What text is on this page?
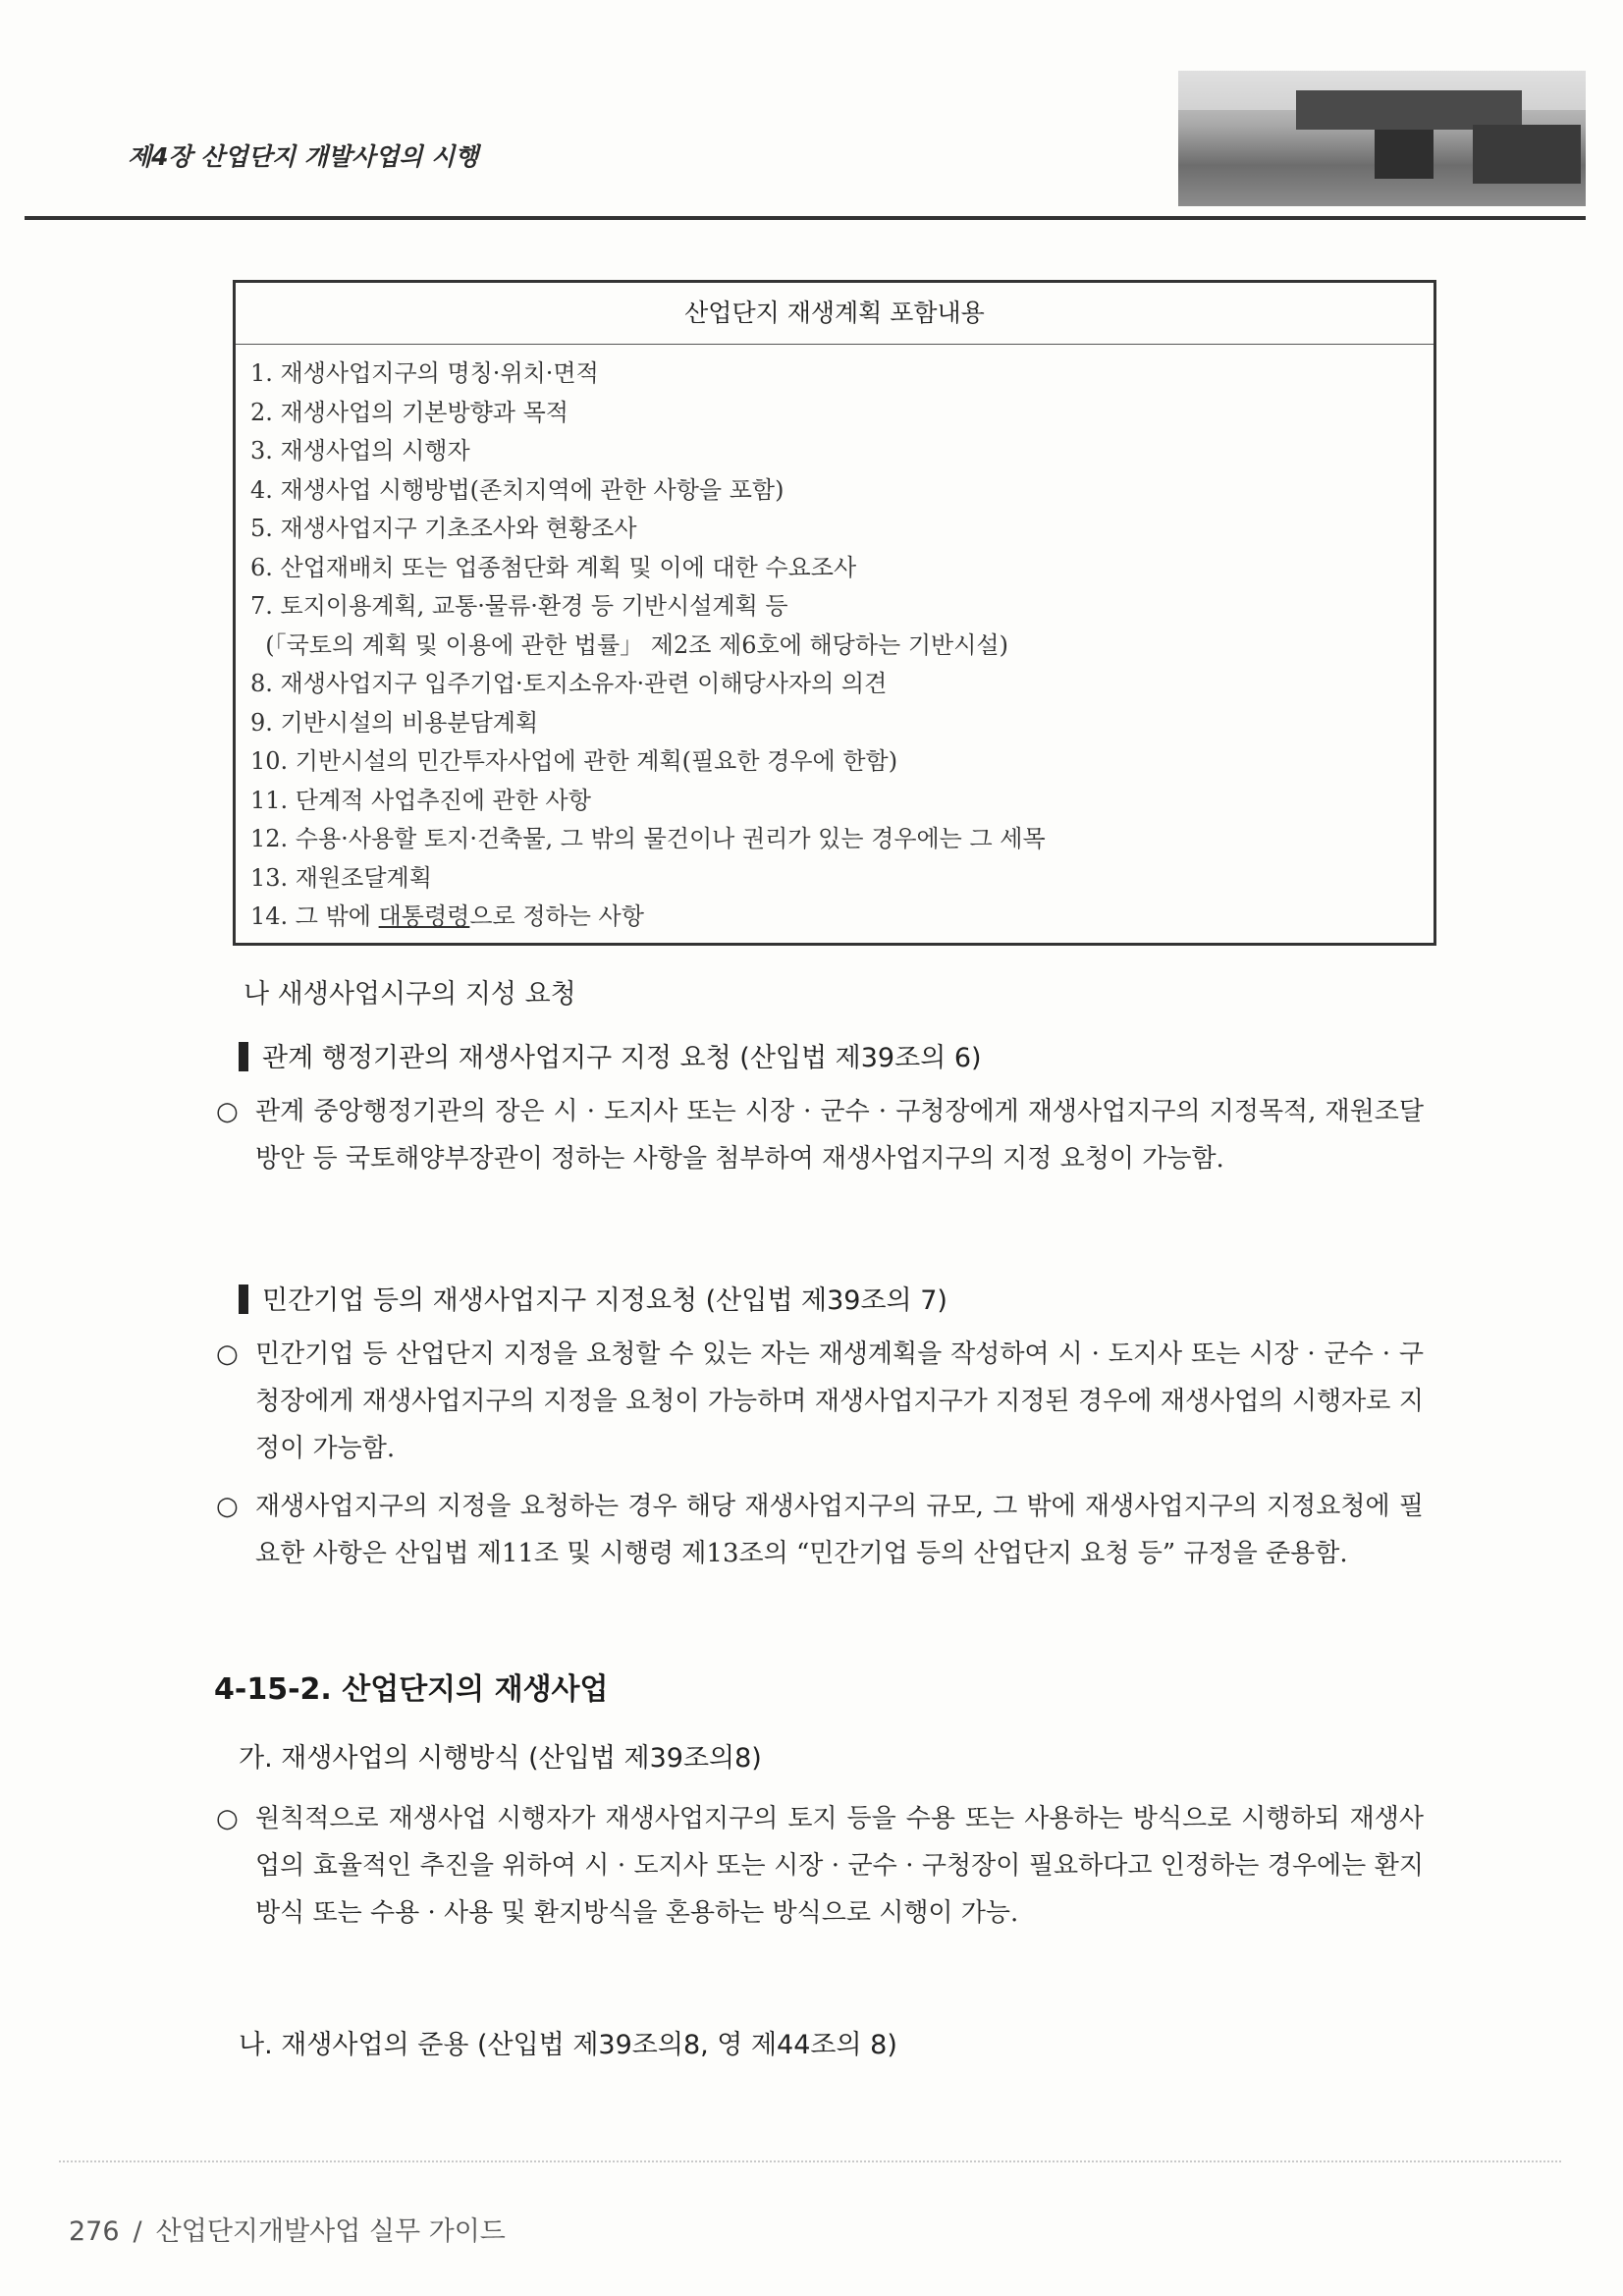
제4장 산업단지 개발사업의 시행
산업단지 재생계획 포함내용
1. 재생사업지구의 명칭·위치·면적
2. 재생사업의 기본방향과 목적
3. 재생사업의 시행자
4. 재생사업 시행방법(존치지역에 관한 사항을 포함)
5. 재생사업지구 기초조사와 현황조사
6. 산업재배치 또는 업종첨단화 계획 및 이에 대한 수요조사
7. 토지이용계획, 교통·물류·환경 등 기반시설계획 등
(「국토의 계획 및 이용에 관한 법률」 제2조 제6호에 해당하는 기반시설)
8. 재생사업지구 입주기업·토지소유자·관련 이해당사자의 의견
9. 기반시설의 비용분담계획
10. 기반시설의 민간투자사업에 관한 계획(필요한 경우에 한함)
11. 단계적 사업추진에 관한 사항
12. 수용·사용할 토지·건축물, 그 밖의 물건이나 권리가 있는 경우에는 그 세목
13. 재원조달계획
14. 그 밖에 대통령령으로 정하는 사항
나 새생사업시구의 지성 요청
관계 행정기관의 재생사업지구 지정 요청 (산입법 제39조의 6)
○ 관계 중앙행정기관의 장은 시 · 도지사 또는 시장 · 군수 · 구청장에게 재생사업지구의 지정목적, 재원조달방안 등 국토해양부장관이 정하는 사항을 첨부하여 재생사업지구의 지정 요청이 가능함.
민간기업 등의 재생사업지구 지정요청 (산입법 제39조의 7)
○ 민간기업 등 산업단지 지정을 요청할 수 있는 자는 재생계획을 작성하여 시 · 도지사 또는 시장 · 군수 · 구청장에게 재생사업지구의 지정을 요청이 가능하며 재생사업지구가 지정된 경우에 재생사업의 시행자로 지정이 가능함.
○ 재생사업지구의 지정을 요청하는 경우 해당 재생사업지구의 규모, 그 밖에 재생사업지구의 지정요청에 필요한 사항은 산입법 제11조 및 시행령 제13조의 “민간기업 등의 산업단지 요청 등” 규정을 준용함.
4-15-2. 산업단지의 재생사업
가. 재생사업의 시행방식 (산입법 제39조의8)
○ 원칙적으로 재생사업 시행자가 재생사업지구의 토지 등을 수용 또는 사용하는 방식으로 시행하되 재생사업의 효율적인 추진을 위하여 시 · 도지사 또는 시장 · 군수 · 구청장이 필요하다고 인정하는 경우에는 환지방식 또는 수용 · 사용 및 환지방식을 혼용하는 방식으로 시행이 가능.
나. 재생사업의 준용 (산입법 제39조의8, 영 제44조의 8)
276 / 산업단지개발사업 실무 가이드
